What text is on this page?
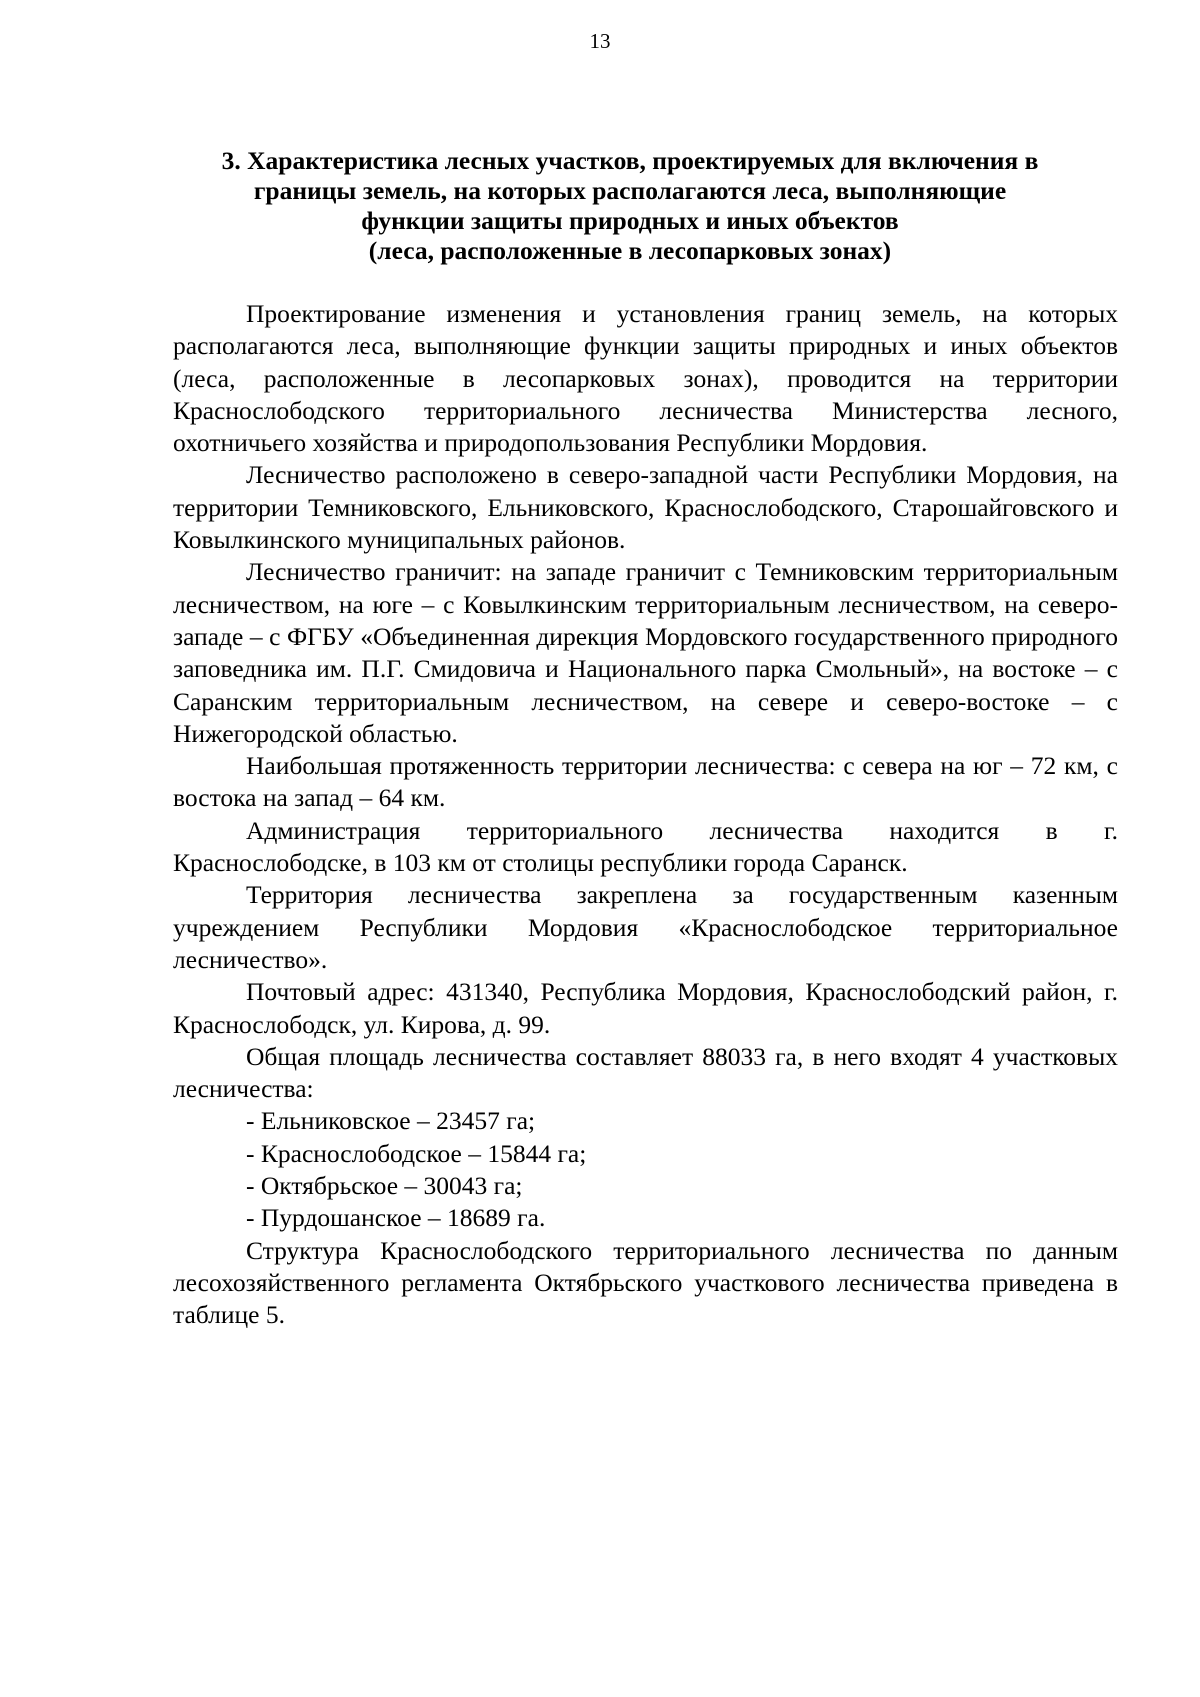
13
3. Характеристика лесных участков, проектируемых для включения в
границы земель, на которых располагаются леса, выполняющие
функции защиты природных и иных объектов
(леса, расположенные в лесопарковых зонах)

Проектирование изменения и установления границ земель, на которых располагаются леса, выполняющие функции защиты природных и иных объектов (леса, расположенные в лесопарковых зонах), проводится на территории Краснослободского территориального лесничества Министерства лесного, охотничьего хозяйства и природопользования Республики Мордовия.

Лесничество расположено в северо-западной части Республики Мордовия, на территории Темниковского, Ельниковского, Краснослободского, Старошайговского и Ковылкинского муниципальных районов.

Лесничество граничит: на западе граничит с Темниковским территориальным лесничеством, на юге – с Ковылкинским территориальным лесничеством, на северо-западе – с ФГБУ «Объединенная дирекция Мордовского государственного природного заповедника им. П.Г. Смидовича и Национального парка Смольный», на востоке – с Саранским территориальным лесничеством, на севере и северо-востоке – с Нижегородской областью.

Наибольшая протяженность территории лесничества: с севера на юг – 72 км, с востока на запад – 64 км.

Администрация территориального лесничества находится в г. Краснослободске, в 103 км от столицы республики города Саранск.

Территория лесничества закреплена за государственным казенным учреждением Республики Мордовия «Краснослободское территориальное лесничество».

Почтовый адрес: 431340, Республика Мордовия, Краснослободский район, г. Краснослободск, ул. Кирова, д. 99.

Общая площадь лесничества составляет 88033 га, в него входят 4 участковых лесничества:

- Ельниковское – 23457 га;

- Краснослободское – 15844 га;

- Октябрьское – 30043 га;

- Пурдошанское – 18689 га.

Структура Краснослободского территориального лесничества по данным лесохозяйственного регламента Октябрьского участкового лесничества приведена в таблице 5.
